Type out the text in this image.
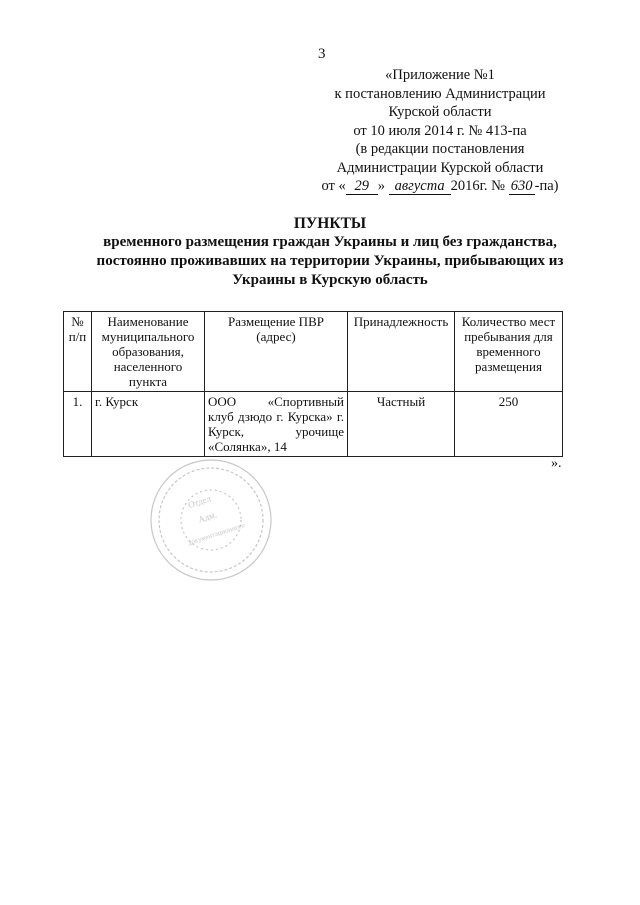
3
«Приложение №1
к постановлению Администрации
Курской области
от 10 июля 2014 г. № 413-па
(в редакции постановления
Администрации Курской области
от « 29 » августа 2016г. № 630 -па)
ПУНКТЫ
временного размещения граждан Украины и лиц без гражданства,
постоянно проживавших на территории Украины, прибывающих из
Украины в Курскую область
№ п/п	Наименование муниципального образования, населенного пункта	Размещение ПВР (адрес)	Принадлежность	Количество мест пребывания для временного размещения
1.	г. Курск	ООО «Спортивный клуб дзюдо г. Курска» г. Курск, урочище «Солянка», 14	Частный	250
».
Отдел
Адм.
документационного
